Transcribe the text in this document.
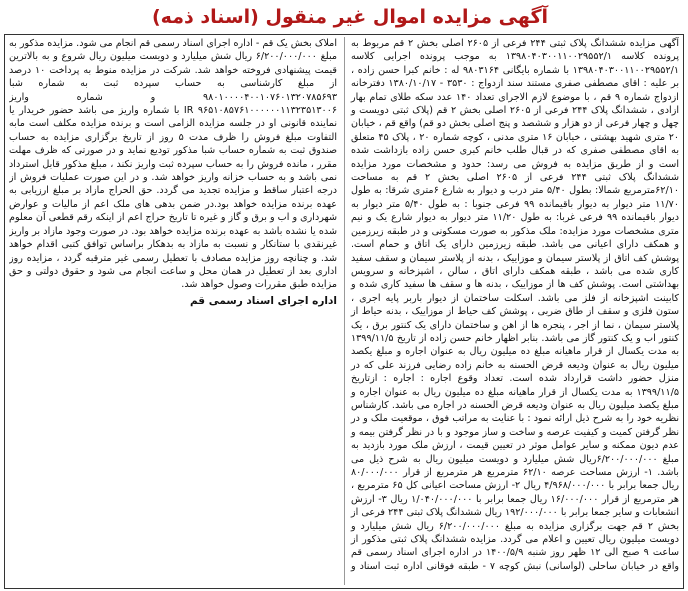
آگهی مزایده اموال غیر منقول (اسناد ذمه)

آگهی مزایده ششدانگ پلاک ثبتی ۲۴۴ فرعی از ۲۶۰۵ اصلی بخش ۲ قم مربوط به پرونده کلاسه ۱۳۹۸۰۴۰۳۰۰۱۱۰۰۲۹۵۵۲/۱ به موجب پرونده اجرایی کلاسه ۱۳۹۸۰۴۰۳۰۰۱۱۰۰۲۹۵۵۲/۱ با شماره بایگانی ۹۸۰۳۱۶۴ له : خانم کبرا حسن زاده ، بر علیه : اقای مصطفی صفری مستند سند ازدواج : ۳۵۳۰ - ۱۳۸۰/۱۰/۱۷ دفترخانه ازدواج شماره ۹ قم ، با موضوع لازم الاجرای تعداد ۱۴۰ عدد سکه طلای تمام بهار ازادی ، ششدانگ پلاک ۲۴۴ فرعی از ۲۶۰۵ اصلی بخش ۲ قم (پلاک ثبتی دویست و چهل و چهار فرعی از دو هزار و ششصد و پنج اصلی بخش دو قم) واقع قم ، خیابان ۲۰ متری شهید بهشتی ، خیابان ۱۶ متری مدنی ، کوچه شماره ۲۰ ، پلاک ۴۵ متعلق به اقای مصطفی صفری که در قبال طلب خانم کبری حسن زاده بازداشت شده است و از طریق مزایده به فروش می رسد: حدود و مشخصات مورد مزایده ششدانگ پلاک ثبتی ۲۴۴ فرعی از ۲۶۰۵ اصلی بخش ۲ قم به مساحت ۶۲/۱۰مترمربع شمالا: بطول ۵/۴۰ متر درب و دیوار به شارع ۶متری شرقا: به طول ۱۱/۷۰ متر دیوار به دیوار باقیمانده ۹۹ فرعی جنوبا : به طول ۵/۴۰ متر دیوار به دیوار باقیمانده ۹۹ فرعی غربا: به طول ۱۱/۲۰ متر دیوار به دیوار شارع یک و نیم متری مشخصات مورد مزایده: ملک مذکور به صورت مسکونی و در طبقه زیرزمین و همکف دارای اعیانی می باشد. طبقه زیرزمین دارای یک اتاق و حمام است. پوشش کف اتاق از پلاستر سیمان و موزاییک ، بدنه از پلاستر سیمان و سقف سفید کاری شده می باشد ، طبقه همکف دارای اتاق ، سالن ، اشپزخانه و سرویس بهداشتی است. پوشش کف ها از موزاییک ، بدنه ها و سقف ها سفید کاری شده و کابینت اشپزخانه از فلز می باشد. اسکلت ساختمان از دیوار باربر پایه اجری ، ستون فلزی و سقف از طاق ضربی ، پوشش کف حیاط از موزاییک ، بدنه حیاط از پلاستر سیمان ، نما از اجر ، پنجره ها از اهن و ساختمان دارای یک کنتور برق ، یک کنتور اب و یک کنتور گاز می باشد. بنابر اظهار خانم حسن زاده از تاریخ ۱۳۹۹/۱۱/۵ به مدت یکسال از قرار ماهیانه مبلغ ده میلیون ریال به عنوان اجاره و مبلغ یکصد میلیون ریال به عنوان ودیعه قرض الحسنه به خانم زاده رضایی فرزند علی که در منزل حضور داشت قرارداد شده است. تعداد وقوع اجاره : اجاره : ازتاریخ ۱۳۹۹/۱۱/۵ به مدت یکسال از قرار ماهیانه مبلغ ده میلیون ریال به عنوان اجاره و مبلغ یکصد میلیون ریال به عنوان ودیعه قرض الحسنه در اجاره می باشد. کارشناس نظریه خود را به شرح ذیل ارائه نمود : با عنایت به مراتب فوق ، موقعیت ملک و در نظر گرفتن کمیت و کیفیت عرصه و ساخت و ساز موجود و با در نظر گرفتن بیمه و عدم دیون ممکنه و سایر عوامل موثر در تعیین قیمت ، ارزش ملک مورد بازدید به مبلغ ۶/۲۰۰/۰۰۰/۰۰۰ریال شش میلیارد و دویست میلیون ریال به شرح ذیل می باشد. ۱- ارزش مساحت عرصه ۶۲/۱۰ مترمربع هر مترمربع از قرار ۸۰/۰۰۰/۰۰۰ ریال جمعا برابر با ۴/۹۶۸/۰۰۰/۰۰۰ ریال ۲- ارزش مساحت اعیانی کل ۶۵ مترمربع ، هر مترمربع از قرار ۱۶/۰۰۰/۰۰۰ ریال جمعا برابر با ۱/۰۴۰/۰۰۰/۰۰۰ ریال ۳- ارزش انشعابات و سایر جمعا برابر با ۱۹۲/۰۰۰/۰۰۰ ریال ششدانگ پلاک ثبتی ۲۴۴ فرعی از بخش ۲ قم جهت برگزاری مزایده به مبلغ ۶/۲۰۰/۰۰۰/۰۰۰ ریال شش میلیارد و دویست میلیون ریال تعیین و اعلام می گردد. مزایده ششدانگ پلاک ثبتی مذکور از ساعت ۹ صبح الی ۱۲ ظهر روز شنبه ۱۴۰۰/۵/۹ در اداره اجرای اسناد رسمی قم واقع در خیابان ساحلی (لواسانی) نبش کوچه ۷ - طبقه فوقانی اداره ثبت اسناد و املاک بخش یک قم - اداره اجرای اسناد رسمی قم انجام می شود. مزایده مذکور به مبلغ ۶/۲۰۰/۰۰۰/۰۰۰ ریال شش میلیارد و دویست میلیون ریال شروع و به بالاترین قیمت پیشنهادی فروخته خواهد شد. شرکت در مزایده منوط به پرداخت ۱۰ درصد از مبلغ کارشناسی به حساب سپرده ثبت به شماره شبا ۹۸۰۱۰۰۰۰۴۰۰۱۰۷۶۰۱۳۲۰۷۸۵۶۹۳ و شماره واریز ۹۶۵۱۰۸۵۷۶۱۰۰۰۰۰۰۱۱۳۲۳۵۱۳۰۰۶ IR با شماره واریز می باشد حضور خریدار یا نماینده قانونی او در جلسه مزایده الزامی است و برنده مزایده مکلف است مابه التفاوت مبلغ فروش را ظرف مدت ۵ روز از تاریخ برگزاری مزایده به حساب صندوق ثبت به شماره حساب شبا مذکور تودیع نماید و در صورتی که ظرف مهلت مقرر ، مانده فروش را به حساب سپرده ثبت واریز نکند ، مبلغ مذکور قابل استرداد نمی باشد و به حساب خزانه واریز خواهد شد. و در این صورت عملیات فروش از درجه اعتبار ساقط و مزایده تجدید می گردد. حق الحراج مازاد بر مبلغ ارزیابی به عهده برنده مزایده خواهد بود.در ضمن بدهی های ملک اعم از مالیات و عوارض شهرداری و اب و برق و گاز و غیره تا تاریخ حراج اعم از اینکه رقم قطعی آن معلوم شده یا نشده باشد به عهده برنده مزایده خواهد بود. در صورت وجود مازاد بر واریز غیرنقدی با ستانکار و نسبت به مازاد به بدهکار براساس توافق کتبی اقدام خواهد شد. و چنانچه روز مزایده مصادف با تعطیل رسمی غیر مترقبه گردد ، مزایده روز اداری بعد از تعطیل در همان محل و ساعت انجام می شود و حقوق دولتی و حق مزایده طبق مقررات وصول خواهد شد.

اداره اجرای اسناد رسمی قم
